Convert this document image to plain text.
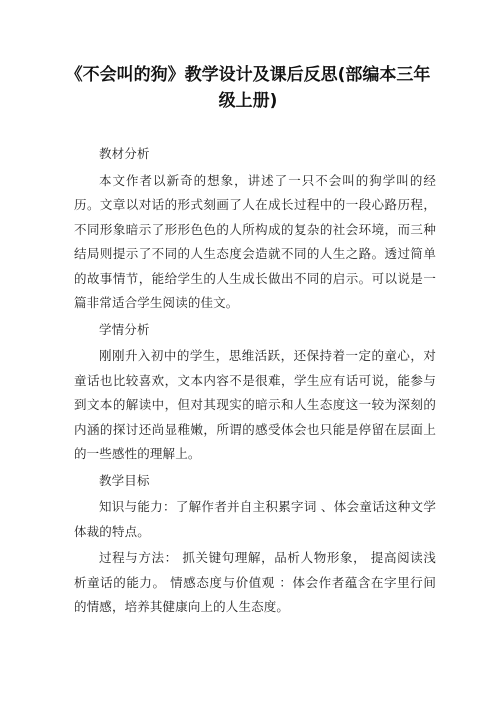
《不会叫的狗》教学设计及课后反思(部编本三年级上册)

教材分析

本文作者以新奇的想象，讲述了一只不会叫的狗学叫的经历。文章以对话的形式刻画了人在成长过程中的一段心路历程，不同形象暗示了形形色色的人所构成的复杂的社会环境，而三种结局则提示了不同的人生态度会造就不同的人生之路。透过简单的故事情节，能给学生的人生成长做出不同的启示。可以说是一篇非常适合学生阅读的佳文。

学情分析

刚刚升入初中的学生，思维活跃，还保持着一定的童心，对童话也比较喜欢，文本内容不是很难，学生应有话可说，能参与到文本的解读中，但对其现实的暗示和人生态度这一较为深刻的内涵的探讨还尚显稚嫩，所谓的感受体会也只能是停留在层面上的一些感性的理解上。

教学目标

知识与能力：了解作者并自主积累字词 、体会童话这种文学体裁的特点。

过程与方法： 抓关键句理解，品析人物形象， 提高阅读浅析童话的能力。 情感态度与价值观 ：体会作者蕴含在字里行间的情感，培养其健康向上的人生态度。
